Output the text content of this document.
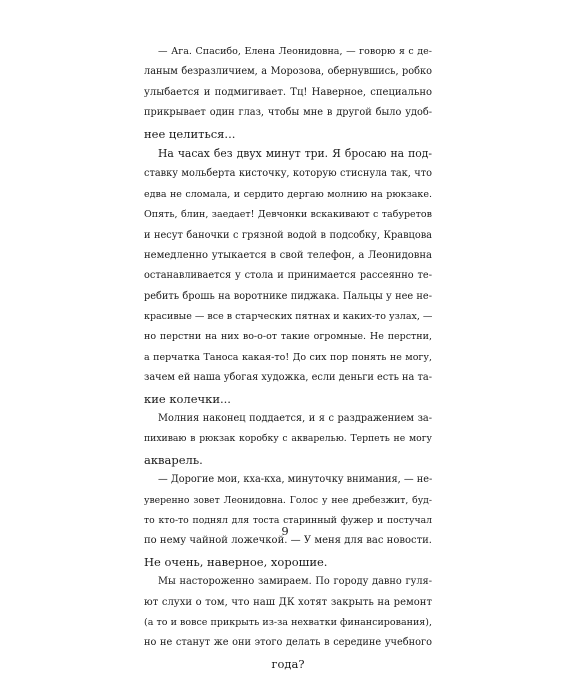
— Ага. Спасибо, Елена Леонидовна, — говорю я с де-
ланым безразличием, а Морозова, обернувшись, робко
улыбается и подмигивает. Тц! Наверное, специально
прикрывает один глаз, чтобы мне в другой было удоб-
нее целиться...
На часах без двух минут три. Я бросаю на под-
ставку мольберта кисточку, которую стиснула так, что
едва не сломала, и сердито дергаю молнию на рюкзаке.
Опять, блин, заедает! Девчонки вскакивают с табуретов
и несут баночки с грязной водой в подсобку, Кравцова
немедленно утыкается в свой телефон, а Леонидовна
останавливается у стола и принимается рассеянно те-
ребить брошь на воротнике пиджака. Пальцы у нее не-
красивые — все в старческих пятнах и каких-то узлах, —
но перстни на них во-о-от такие огромные. Не перстни,
а перчатка Таноса какая-то! До сих пор понять не могу,
зачем ей наша убогая художка, если деньги есть на та-
кие колечки...
Молния наконец поддается, и я с раздражением за-
пихиваю в рюкзак коробку с акварелью. Терпеть не могу
акварель.
— Дорогие мои, кха-кха, минуточку внимания, — не-
уверенно зовет Леонидовна. Голос у нее дребезжит, буд-
то кто-то поднял для тоста старинный фужер и постучал
по нему чайной ложечкой. — У меня для вас новости.
Не очень, наверное, хорошие.
Мы настороженно замираем. По городу давно гуля-
ют слухи о том, что наш ДК хотят закрыть на ремонт
(а то и вовсе прикрыть из-за нехватки финансирования),
но не станут же они этого делать в середине учебного
года?
9
